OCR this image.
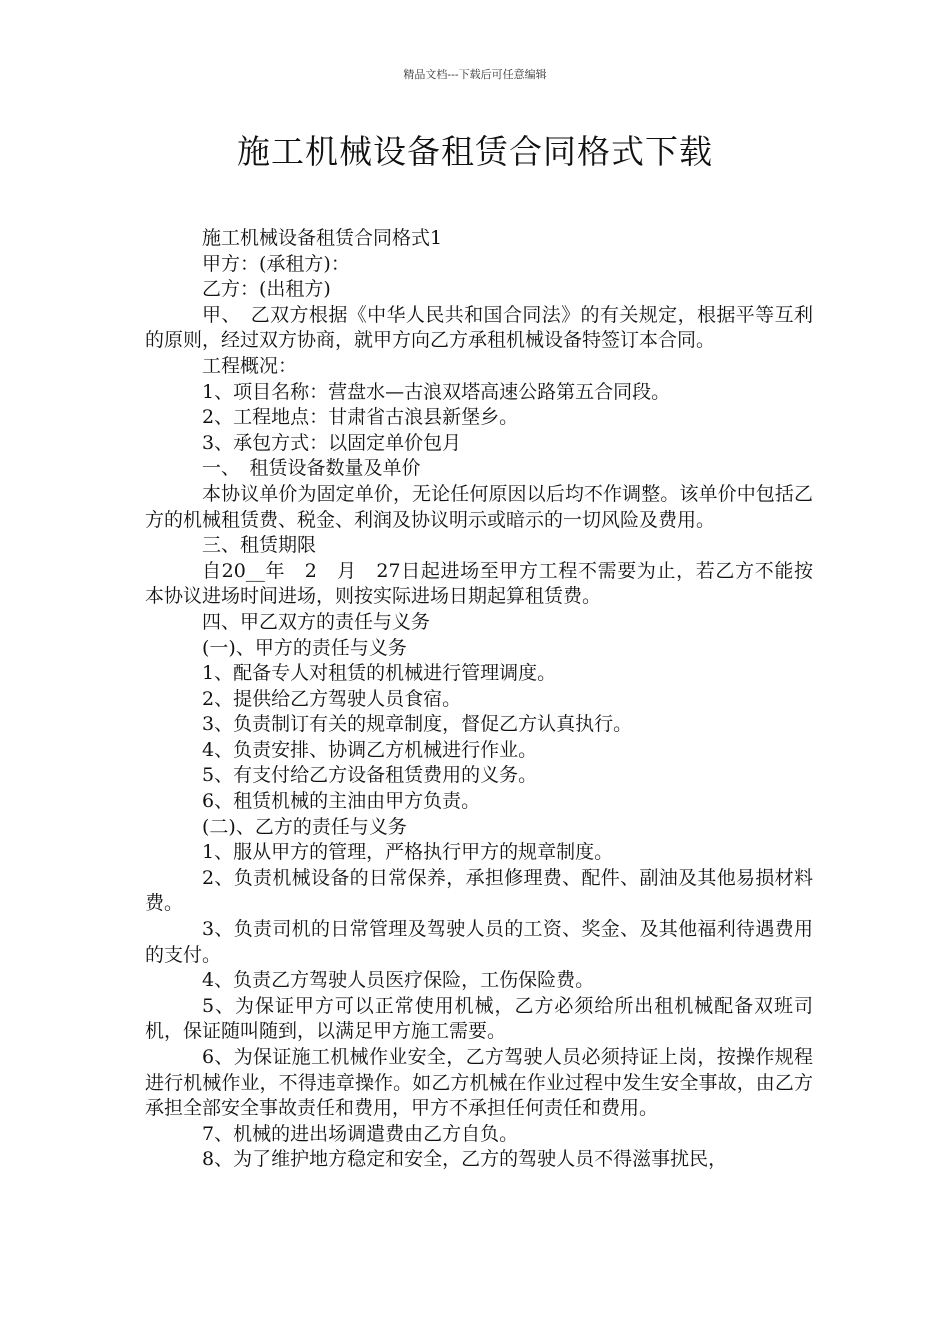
精品文档---下载后可任意编辑
施工机械设备租赁合同格式下载

施工机械设备租赁合同格式1

甲方：(承租方)：

乙方：(出租方)

甲、　乙双方根据《中华人民共和国合同法》的有关规定，根据平等互利的原则，经过双方协商，就甲方向乙方承租机械设备特签订本合同。

工程概况：

1、项目名称：营盘水—古浪双塔高速公路第五合同段。

2、工程地点：甘肃省古浪县新堡乡。

3、承包方式：以固定单价包月

一、　租赁设备数量及单价

本协议单价为固定单价，无论任何原因以后均不作调整。该单价中包括乙方的机械租赁费、税金、利润及协议明示或暗示的一切风险及费用。

三、租赁期限

自20__年　2　月　27日起进场至甲方工程不需要为止，若乙方不能按本协议进场时间进场，则按实际进场日期起算租赁费。

四、甲乙双方的责任与义务

(一)、甲方的责任与义务

1、配备专人对租赁的机械进行管理调度。

2、提供给乙方驾驶人员食宿。

3、负责制订有关的规章制度，督促乙方认真执行。

4、负责安排、协调乙方机械进行作业。

5、有支付给乙方设备租赁费用的义务。

6、租赁机械的主油由甲方负责。

(二)、乙方的责任与义务

1、服从甲方的管理，严格执行甲方的规章制度。

2、负责机械设备的日常保养，承担修理费、配件、副油及其他易损材料费。

3、负责司机的日常管理及驾驶人员的工资、奖金、及其他福利待遇费用的支付。

4、负责乙方驾驶人员医疗保险，工伤保险费。

5、为保证甲方可以正常使用机械，乙方必须给所出租机械配备双班司机，保证随叫随到，以满足甲方施工需要。

6、为保证施工机械作业安全，乙方驾驶人员必须持证上岗，按操作规程进行机械作业，不得违章操作。如乙方机械在作业过程中发生安全事故，由乙方承担全部安全事故责任和费用，甲方不承担任何责任和费用。

7、机械的进出场调遣费由乙方自负。

8、为了维护地方稳定和安全，乙方的驾驶人员不得滋事扰民，
